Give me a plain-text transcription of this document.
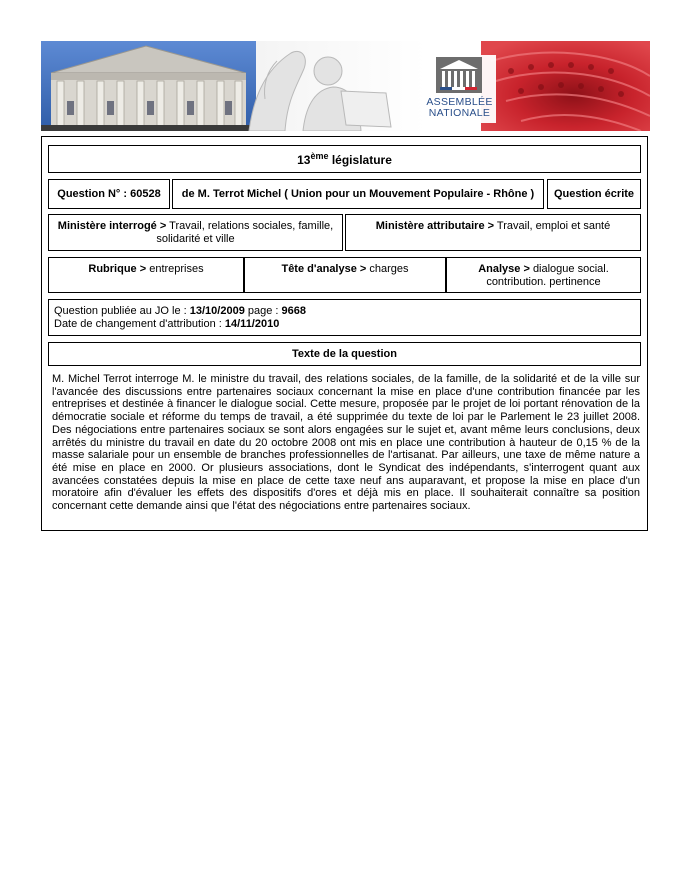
ASSEMBLÉE
NATIONALE
13ème législature
Question N° : 60528 de M. Terrot Michel ( Union pour un Mouvement Populaire - Rhône ) Question écrite
Ministère interrogé > Travail, relations sociales, famille,
solidarité et ville
Ministère attributaire > Travail, emploi et santé
Rubrique > entreprises	Tête d'analyse > charges	Analyse > dialogue social.
contribution. pertinence
Question publiée au JO le : 13/10/2009 page : 9668
Date de changement d'attribution : 14/11/2010
Texte de la question
M. Michel Terrot interroge M. le ministre du travail, des relations sociales, de la famille, de la solidarité et de la ville sur l'avancée des discussions entre partenaires sociaux concernant la mise en place d'une contribution financée par les entreprises et destinée à financer le dialogue social. Cette mesure, proposée par le projet de loi portant rénovation de la démocratie sociale et réforme du temps de travail, a été supprimée du texte de loi par le Parlement le 23 juillet 2008. Des négociations entre partenaires sociaux se sont alors engagées sur le sujet et, avant même leurs conclusions, deux arrêtés du ministre du travail en date du 20 octobre 2008 ont mis en place une contribution à hauteur de 0,15 % de la masse salariale pour un ensemble de branches professionnelles de l'artisanat. Par ailleurs, une taxe de même nature a été mise en place en 2000. Or plusieurs associations, dont le Syndicat des indépendants, s'interrogent quant aux avancées constatées depuis la mise en place de cette taxe neuf ans auparavant, et propose la mise en place d'un moratoire afin d'évaluer les effets des dispositifs d'ores et déjà mis en place. Il souhaiterait connaître sa position concernant cette demande ainsi que l'état des négociations entre partenaires sociaux.
